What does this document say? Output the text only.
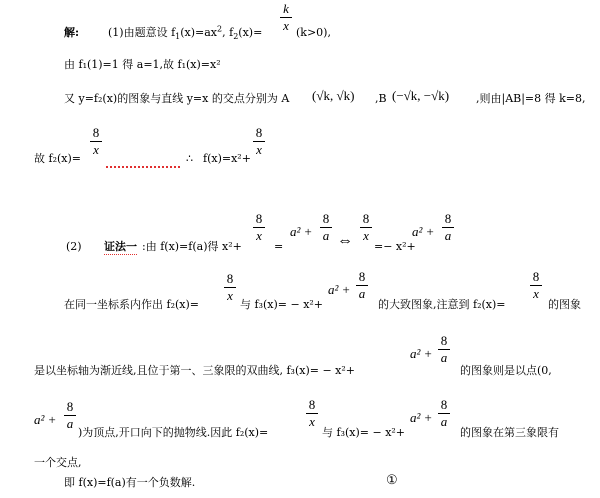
解:	(1)由题意设 $f_1(x)=ax^2$, $f_2(x)=$
k
x (k>0),
由 f₁(1)=1 得 a=1,故 f₁(x)=x²
又 y=f₂(x)的图象与直线 y=x 的交点分别为 A (√k, √k) ,B (−√k, −√k) ,则由|AB|=8 得 k=8,
故 f₂(x)=
8
x
∴ f(x)=x²+
8
x
(2) 证法一 :由 f(x)=f(a)得 x²+
8
x
=
a² +
8
a ⇔
8
x
=− x²+
a² +
8
a
在同一坐标系内作出 f₂(x)=
8
x
与 f₃(x)= − x²+
a² +
8
a
的大致图象,注意到 f₂(x)=
8
x
的图象
是以坐标轴为渐近线,且位于第一、三象限的双曲线, f₃(x)= − x²+
a² +
8
a
的图象则是以点(0,
a² +
8
a
)为顶点,开口向下的抛物线.因此 f₂(x)=
8
x
与 f₃(x)= − x²+
a² +
8
a
的图象在第三象限有
一个交点,
即 f(x)=f(a)有一个负数解.	①
